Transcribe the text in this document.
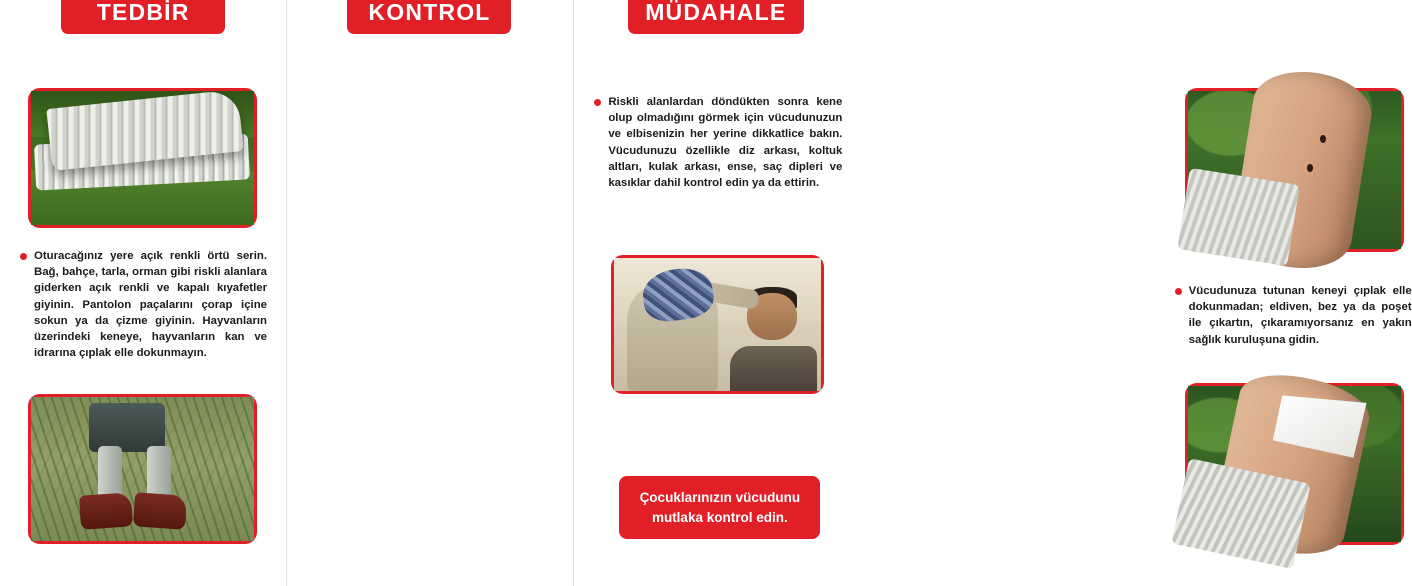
TEDBİR
Oturacağınız yere açık renkli örtü serin. Bağ, bahçe, tarla, orman gibi riskli alanlara giderken açık renkli ve kapalı kıyafetler giyinin. Pantolon paçalarını çorap içine sokun ya da çizme giyinin. Hayvanların üzerindeki keneye, hayvanların kan ve idrarına çıplak elle dokunmayın.
KONTROL
Riskli alanlardan döndükten sonra kene olup olmadığını görmek için vücudunuzun ve elbisenizin her yerine dikkatlice bakın. Vücudunuzu özellikle diz arkası, koltuk altları, kulak arkası, ense, saç dipleri ve kasıklar dahil kontrol edin ya da ettirin.
Çocuklarınızın vücudunu mutlaka kontrol edin.
MÜDAHALE
Vücudunuza tutunan keneyi çıplak elle dokunmadan; eldiven, bez ya da poşet ile çıkartın, çıkaramıyorsanız en yakın sağlık kuruluşuna gidin.
